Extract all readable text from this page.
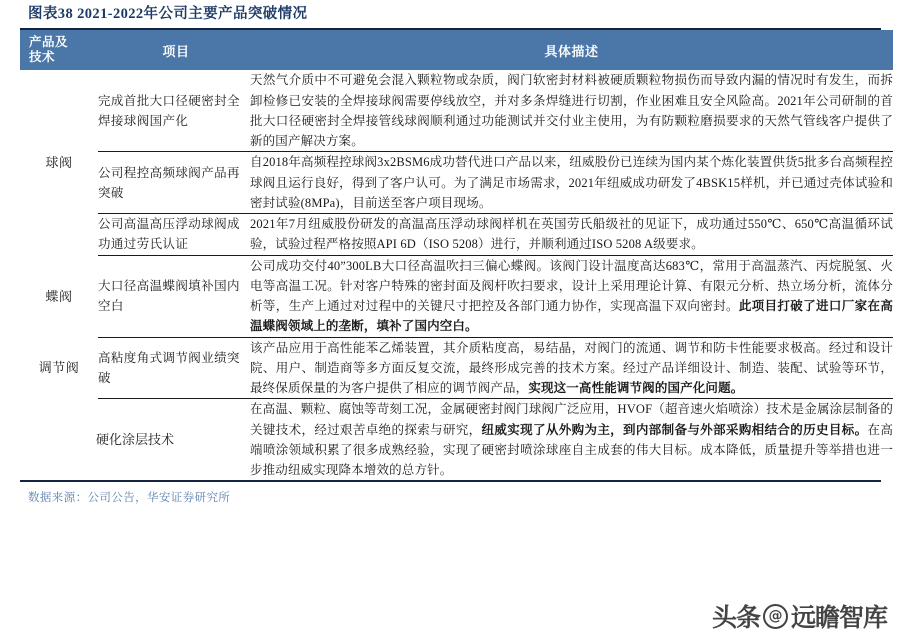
图表38 2021-2022年公司主要产品突破情况
产品及
技术	项目	具体描述
球阀	完成首批大口径硬密封全焊接球阀国产化	天然气介质中不可避免会混入颗粒物或杂质，阀门软密封材料被硬质颗粒物损伤而导致内漏的情况时有发生，而拆卸检修已安装的全焊接球阀需要停线放空，并对多条焊缝进行切割，作业困难且安全风险高。2021年公司研制的首批大口径硬密封全焊接管线球阀顺利通过功能测试并交付业主使用，为有防颗粒磨损要求的天然气管线客户提供了新的国产解决方案。
	公司程控高频球阀产品再突破	自2018年高频程控球阀3x2BSM6成功替代进口产品以来，纽威股份已连续为国内某个炼化装置供货5批多台高频程控球阀且运行良好，得到了客户认可。为了满足市场需求，2021年纽威成功研发了4BSK15样机，并已通过壳体试验和密封试验(8MPa)，目前送至客户项目现场。
	公司高温高压浮动球阀成功通过劳氏认证	2021年7月纽威股份研发的高温高压浮动球阀样机在英国劳氏船级社的见证下，成功通过550℃、650℃高温循环试验，试验过程严格按照API 6D（ISO 5208）进行，并顺利通过ISO 5208 A级要求。
蝶阀	大口径高温蝶阀填补国内空白	公司成功交付40”300LB大口径高温吹扫三偏心蝶阀。该阀门设计温度高达683℃，常用于高温蒸汽、丙烷脱氢、火电等高温工况。针对客户特殊的密封面及阀杆吹扫要求，设计上采用理论计算、有限元分析、热立场分析，流体分析等，生产上通过对过程中的关键尺寸把控及各部门通力协作，实现高温下双向密封。此项目打破了进口厂家在高温蝶阀领域上的垄断，填补了国内空白。
调节阀	高粘度角式调节阀业绩突破	该产品应用于高性能苯乙烯装置，其介质粘度高，易结晶，对阀门的流通、调节和防卡性能要求极高。经过和设计院、用户、制造商等多方面反复交流，最终形成完善的技术方案。经过产品详细设计、制造、装配、试验等环节，最终保质保量的为客户提供了相应的调节阀产品，实现这一高性能调节阀的国产化问题。
硬化涂层技术		在高温、颗粒、腐蚀等苛刻工况，金属硬密封阀门球阀广泛应用，HVOF（超音速火焰喷涂）技术是金属涂层制备的关键技术，经过艰苦卓绝的探索与研究，纽威实现了从外购为主，到内部制备与外部采购相结合的历史目标。在高端喷涂领域积累了很多成熟经验，实现了硬密封喷涂球座自主成套的伟大目标。成本降低，质量提升等举措也进一步推动纽威实现降本增效的总方针。
数据来源：公司公告，华安证券研究所
头条 @ 远瞻智库
